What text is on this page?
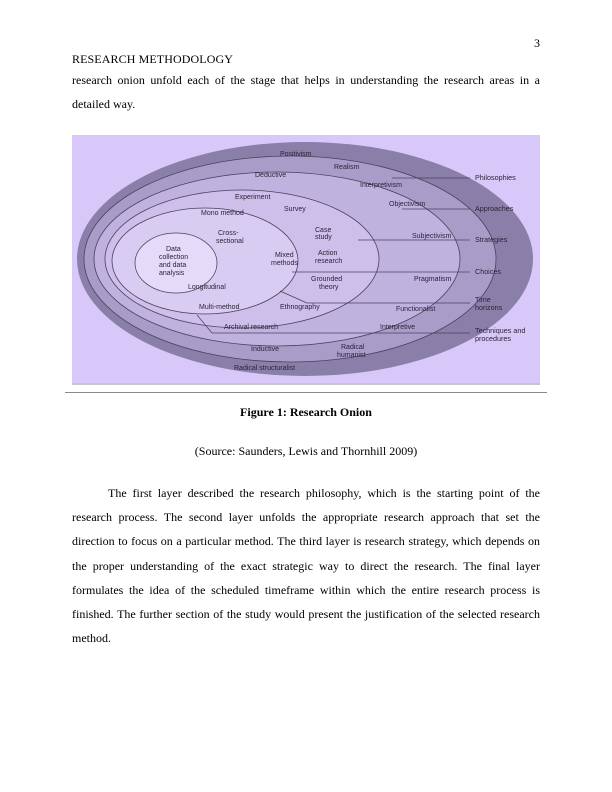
3
RESEARCH METHODOLOGY
research onion unfold each of the stage that helps in understanding the research areas in a detailed way.
Positivism
Realism
Deductive
Interpretivism
Experiment
Objectivism
Mono method
Survey
Cross-
sectional
Case
study	Subjectivism
Data
collection
and data
analysis
Mixed
methods
Action
research
Grounded
theory
Pragmatism
Longitudinal
Multi-method	Ethnography	Functionalist
Archival research	Interpretive
Inductive	Radical
humanist
Radical structuralist
Philosophies
Approaches
Strategies
Choices
Time
horizons
Techniques and
procedures
Figure 1: Research Onion
(Source: Saunders, Lewis and Thornhill 2009)
The first layer described the research philosophy, which is the starting point of the research process. The second layer unfolds the appropriate research approach that set the direction to focus on a particular method. The third layer is research strategy, which depends on the proper understanding of the exact strategic way to direct the research. The final layer formulates the idea of the scheduled timeframe within which the entire research process is finished. The further section of the study would present the justification of the selected research method.
